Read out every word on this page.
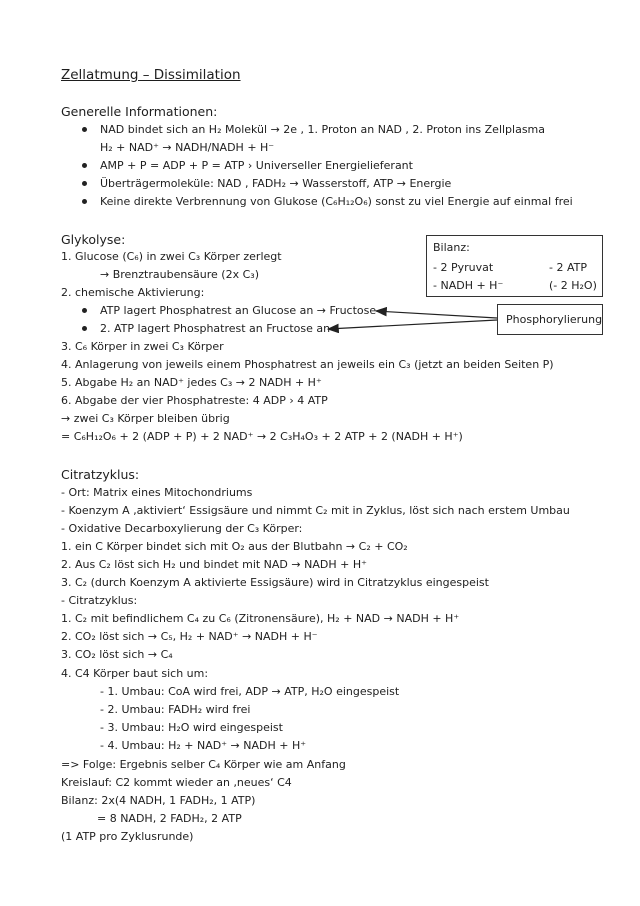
Zellatmung – Dissimilation
Generelle Informationen:
NAD bindet sich an H₂ Molekül → 2e , 1. Proton an NAD , 2. Proton ins Zellplasma
H₂ + NAD⁺ → NADH/NADH + H⁻
AMP + P = ADP + P = ATP › Universeller Energielieferant
Überträgermoleküle: NAD , FADH₂ → Wasserstoff, ATP → Energie
Keine direkte Verbrennung von Glukose (C₆H₁₂O₆) sonst zu viel Energie auf einmal frei
Glykolyse:
1. Glucose (C₆) in zwei C₃ Körper zerlegt
→ Brenztraubensäure (2x C₃)
2. chemische Aktivierung:
ATP lagert Phosphatrest an Glucose an → Fructose
2. ATP lagert Phosphatrest an Fructose an
3. C₆ Körper in zwei C₃ Körper
4. Anlagerung von jeweils einem Phosphatrest an jeweils ein C₃ (jetzt an beiden Seiten P)
5. Abgabe H₂ an NAD⁺ jedes C₃ → 2 NADH + H⁺
6. Abgabe der vier Phosphatreste: 4 ADP › 4 ATP
→ zwei C₃ Körper bleiben übrig
= C₆H₁₂O₆ + 2 (ADP + P) + 2 NAD⁺ → 2 C₃H₄O₃ + 2 ATP + 2 (NADH + H⁺)
Bilanz:
- 2 Pyruvat
- NADH + H⁻
- 2 ATP
(- 2 H₂O)
Phosphorylierung
Citratzyklus:
- Ort: Matrix eines Mitochondriums
- Koenzym A ‚aktiviert‘ Essigsäure und nimmt C₂ mit in Zyklus, löst sich nach erstem Umbau
- Oxidative Decarboxylierung der C₃ Körper:
1. ein C Körper bindet sich mit O₂ aus der Blutbahn → C₂ + CO₂
2. Aus C₂ löst sich H₂ und bindet mit NAD → NADH + H⁺
3. C₂ (durch Koenzym A aktivierte Essigsäure) wird in Citratzyklus eingespeist
- Citratzyklus:
1. C₂ mit befindlichem C₄ zu C₆ (Zitronensäure), H₂ + NAD → NADH + H⁺
2. CO₂ löst sich → C₅, H₂ + NAD⁺ → NADH + H⁻
3. CO₂ löst sich → C₄
4. C4 Körper baut sich um:
- 1. Umbau: CoA wird frei, ADP → ATP, H₂O eingespeist
- 2. Umbau: FADH₂ wird frei
- 3. Umbau: H₂O wird eingespeist
- 4. Umbau: H₂ + NAD⁺ → NADH + H⁺
=> Folge: Ergebnis selber C₄ Körper wie am Anfang
Kreislauf: C2 kommt wieder an ‚neues‘ C4
Bilanz: 2x(4 NADH, 1 FADH₂, 1 ATP)
= 8 NADH, 2 FADH₂, 2 ATP
(1 ATP pro Zyklusrunde)
